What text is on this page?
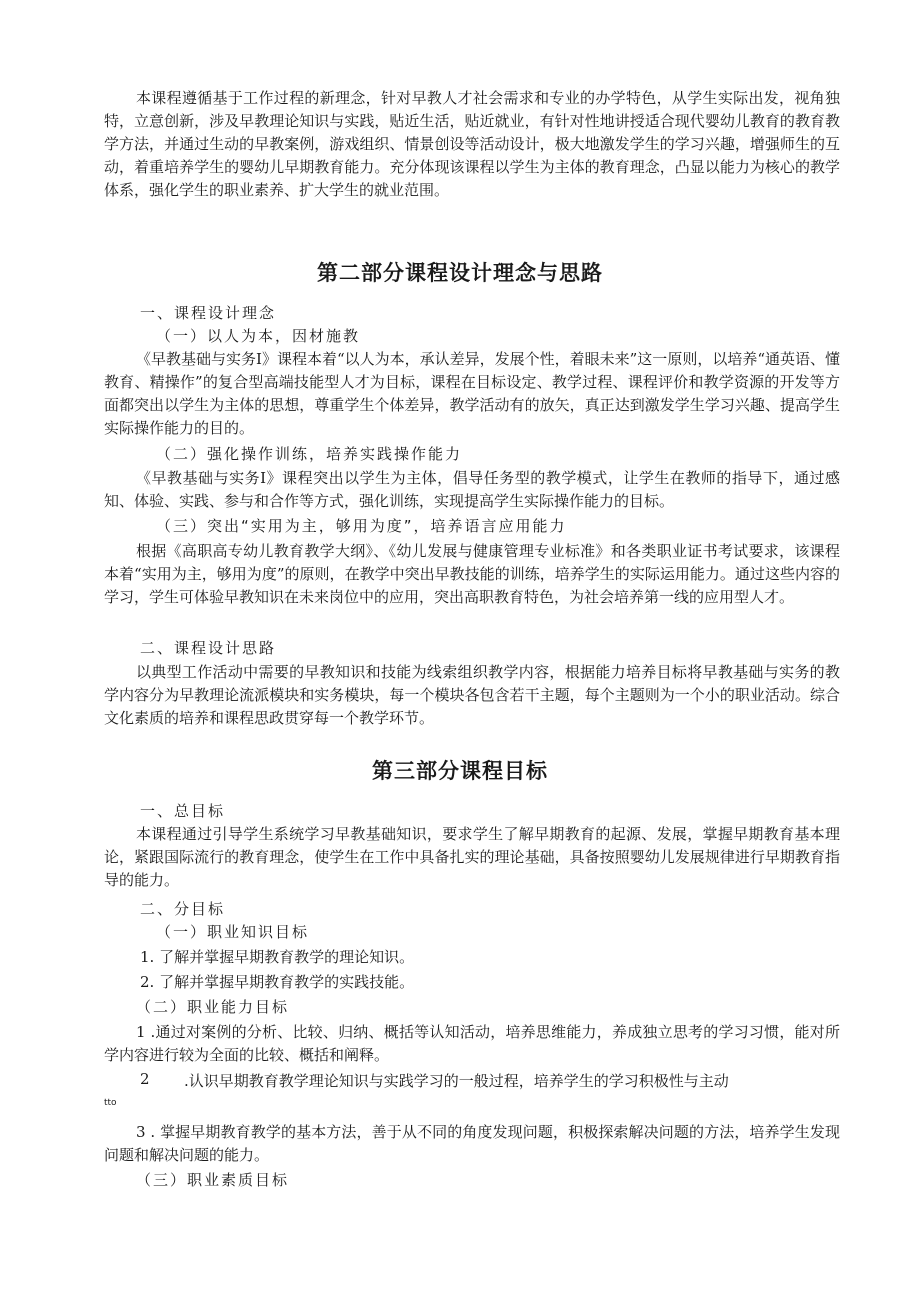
本课程遵循基于工作过程的新理念，针对早教人才社会需求和专业的办学特色，从学生实际出发，视角独特，立意创新，涉及早教理论知识与实践，贴近生活，贴近就业，有针对性地讲授适合现代婴幼儿教育的教育教学方法，并通过生动的早教案例，游戏组织、情景创设等活动设计，极大地激发学生的学习兴趣，增强师生的互动，着重培养学生的婴幼儿早期教育能力。充分体现该课程以学生为主体的教育理念，凸显以能力为核心的教学体系，强化学生的职业素养、扩大学生的就业范围。

第二部分课程设计理念与思路

一、课程设计理念

（一）以人为本，因材施教

《早教基础与实务I》课程本着“以人为本，承认差异，发展个性，着眼未来”这一原则，以培养“通英语、懂教育、精操作”的复合型高端技能型人才为目标，课程在目标设定、教学过程、课程评价和教学资源的开发等方面都突出以学生为主体的思想，尊重学生个体差异，教学活动有的放矢，真正达到激发学生学习兴趣、提高学生实际操作能力的目的。

（二）强化操作训练，培养实践操作能力

《早教基础与实务I》课程突出以学生为主体，倡导任务型的教学模式，让学生在教师的指导下，通过感知、体验、实践、参与和合作等方式，强化训练，实现提高学生实际操作能力的目标。

（三）突出“实用为主，够用为度”，培养语言应用能力

根据《高职高专幼儿教育教学大纲》、《幼儿发展与健康管理专业标准》和各类职业证书考试要求，该课程本着“实用为主，够用为度”的原则，在教学中突出早教技能的训练，培养学生的实际运用能力。通过这些内容的学习，学生可体验早教知识在未来岗位中的应用，突出高职教育特色，为社会培养第一线的应用型人才。

二、课程设计思路

以典型工作活动中需要的早教知识和技能为线索组织教学内容，根据能力培养目标将早教基础与实务的教学内容分为早教理论流派模块和实务模块，每一个模块各包含若干主题，每个主题则为一个小的职业活动。综合文化素质的培养和课程思政贯穿每一个教学环节。

第三部分课程目标

一、总目标

本课程通过引导学生系统学习早教基础知识，要求学生了解早期教育的起源、发展，掌握早期教育基本理论，紧跟国际流行的教育理念，使学生在工作中具备扎实的理论基础，具备按照婴幼儿发展规律进行早期教育指导的能力。

二、分目标

（一）职业知识目标

1. 了解并掌握早期教育教学的理论知识。

2. 了解并掌握早期教育教学的实践技能。

（二）职业能力目标

1 .通过对案例的分析、比较、归纳、概括等认知活动，培养思维能力，养成独立思考的学习习惯，能对所学内容进行较为全面的比较、概括和阐释。

2 .认识早期教育教学理论知识与实践学习的一般过程，培养学生的学习积极性与主动

tto

3 . 掌握早期教育教学的基本方法，善于从不同的角度发现问题，积极探索解决问题的方法，培养学生发现问题和解决问题的能力。

（三）职业素质目标
